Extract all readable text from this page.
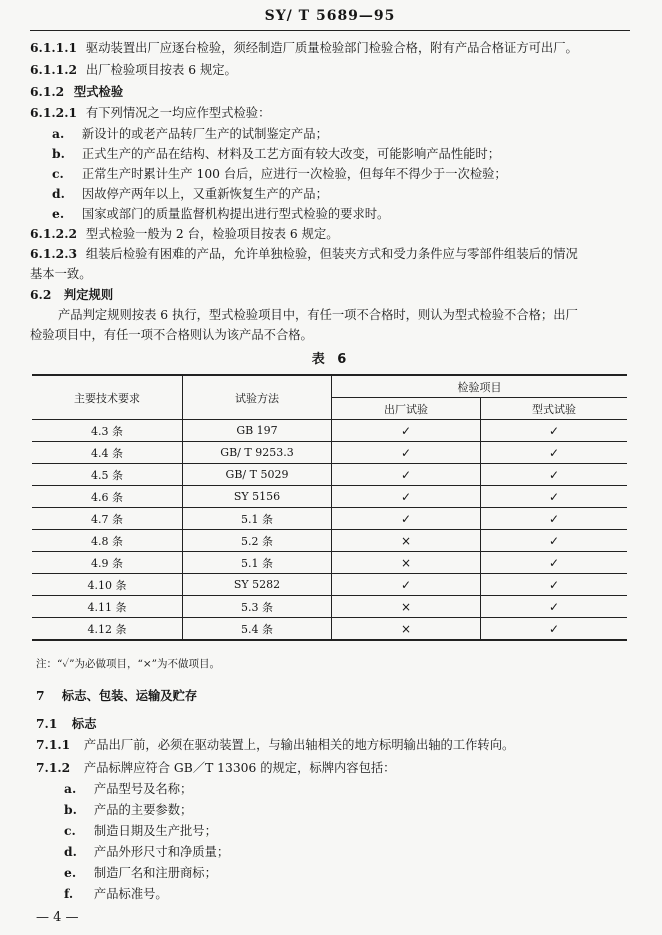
SY/ T 5689—95
6.1.1.1 驱动装置出厂应逐台检验，须经制造厂质量检验部门检验合格，附有产品合格证方可出厂。
6.1.1.2 出厂检验项目按表 6 规定。
6.1.2 型式检验
6.1.2.1 有下列情况之一均应作型式检验：
a. 新设计的或老产品转厂生产的试制鉴定产品；
b. 正式生产的产品在结构、材料及工艺方面有较大改变，可能影响产品性能时；
c. 正常生产时累计生产 100 台后，应进行一次检验，但每年不得少于一次检验；
d. 因故停产两年以上，又重新恢复生产的产品；
e. 国家或部门的质量监督机构提出进行型式检验的要求时。
6.1.2.2 型式检验一般为 2 台，检验项目按表 6 规定。
6.1.2.3 组装后检验有困难的产品，允许单独检验，但装夹方式和受力条件应与零部件组装后的情况
基本一致。
6.2 判定规则
表 6
产品判定规则按表 6 执行，型式检验项目中，有任一项不合格时，则认为型式检验不合格；出厂
检验项目中，有任一项不合格则认为该产品不合格。
主要技术要求	试验方法	检验项目	
		出厂试验	型式试验
4.3 条	GB 197	✓	✓
4.4 条	GB/ T 9253.3	✓	✓
4.5 条	GB/ T 5029	✓	✓
4.6 条	SY 5156	✓	✓
4.7 条	5.1 条	✓	✓
4.8 条	5.2 条	×	✓
4.9 条	5.1 条	×	✓
4.10 条	SY 5282	✓	✓
4.11 条	5.3 条	×	✓
4.12 条	5.4 条	×	✓
注：“✓”为必做项目，“×”为不做项目。
7 标志、包装、运输及贮存
7.1 标志
7.1.1 产品出厂前，必须在驱动装置上，与输出轴相关的地方标明输出轴的工作转向。
7.1.2 产品标牌应符合 GB／T 13306 的规定，标牌内容包括：
a. 产品型号及名称；
b. 产品的主要参数；
c. 制造日期及生产批号；
d. 产品外形尺寸和净质量；
e. 制造厂名和注册商标；
f. 产品标准号。
— 4 —
